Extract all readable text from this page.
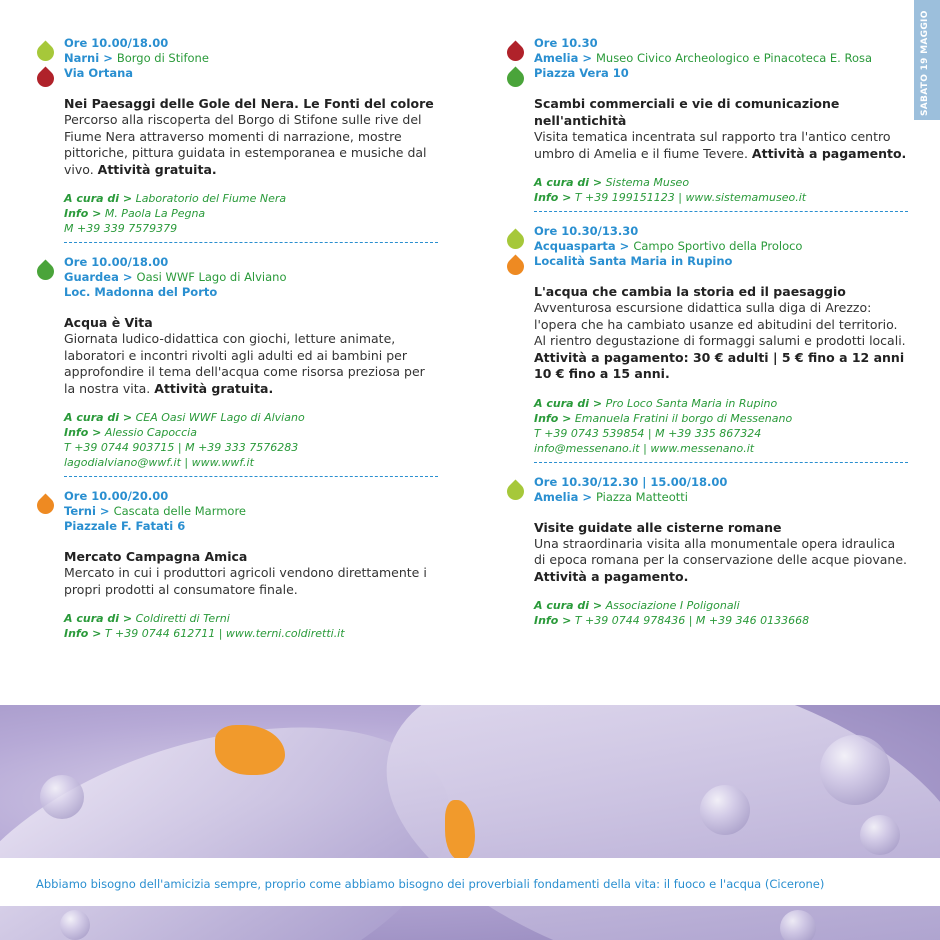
SABATO 19 MAGGIO
Ore 10.00/18.00
Narni > Borgo di Stifone
Via Ortana
Nei Paesaggi delle Gole del Nera. Le Fonti del colore
Percorso alla riscoperta del Borgo di Stifone sulle rive del Fiume Nera attraverso momenti di narrazione, mostre pittoriche, pittura guidata in estemporanea e musiche dal vivo. Attività gratuita.
A cura di > Laboratorio del Fiume Nera
Info > M. Paola La Pegna
M +39 339 7579379
Ore 10.00/18.00
Guardea > Oasi WWF Lago di Alviano
Loc. Madonna del Porto
Acqua è Vita
Giornata ludico-didattica con giochi, letture animate, laboratori e incontri rivolti agli adulti ed ai bambini per approfondire il tema dell'acqua come risorsa preziosa per la nostra vita. Attività gratuita.
A cura di > CEA Oasi WWF Lago di Alviano
Info > Alessio Capoccia
T +39 0744 903715 | M +39 333 7576283
lagodialviano@wwf.it | www.wwf.it
Ore 10.00/20.00
Terni > Cascata delle Marmore
Piazzale F. Fatati 6
Mercato Campagna Amica
Mercato in cui i produttori agricoli vendono direttamente i propri prodotti al consumatore finale.
A cura di > Coldiretti di Terni
Info > T +39 0744 612711 | www.terni.coldiretti.it
Ore 10.30
Amelia > Museo Civico Archeologico e Pinacoteca E. Rosa
Piazza Vera 10
Scambi commerciali e vie di comunicazione nell'antichità
Visita tematica incentrata sul rapporto tra l'antico centro umbro di Amelia e il fiume Tevere. Attività a pagamento.
A cura di > Sistema Museo
Info > T +39 199151123 | www.sistemamuseo.it
Ore 10.30/13.30
Acquasparta > Campo Sportivo della Proloco
Località Santa Maria in Rupino
L'acqua che cambia la storia ed il paesaggio
Avventurosa escursione didattica sulla diga di Arezzo: l'opera che ha cambiato usanze ed abitudini del territorio. Al rientro degustazione di formaggi salumi e prodotti locali. Attività a pagamento: 30 € adulti | 5 € fino a 12 anni 10 € fino a 15 anni.
A cura di > Pro Loco Santa Maria in Rupino
Info > Emanuela Fratini il borgo di Messenano
T +39 0743 539854 | M +39 335 867324
info@messenano.it | www.messenano.it
Ore 10.30/12.30 | 15.00/18.00
Amelia > Piazza Matteotti
Visite guidate alle cisterne romane
Una straordinaria visita alla monumentale opera idraulica di epoca romana per la conservazione delle acque piovane. Attività a pagamento.
A cura di > Associazione I Poligonali
Info > T +39 0744 978436 | M +39 346 0133668
Abbiamo bisogno dell'amicizia sempre, proprio come abbiamo bisogno dei proverbiali fondamenti della vita: il fuoco e l'acqua (Cicerone)
